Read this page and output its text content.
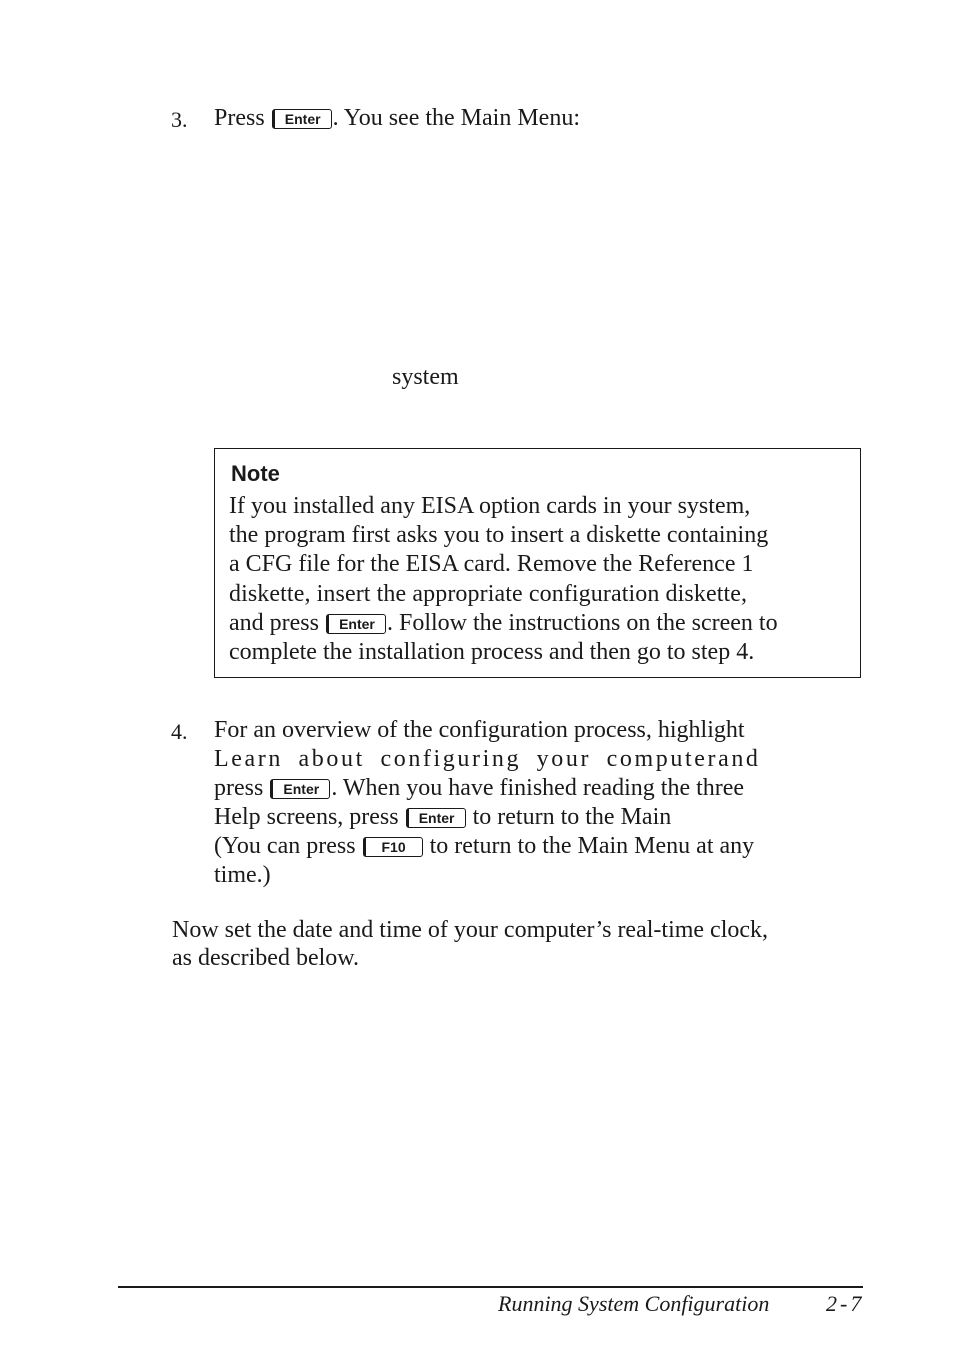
3. Press Enter . You see the Main Menu:
system
Note
If you installed any EISA option cards in your system,
the program first asks you to insert a diskette containing
a CFG file for the EISA card. Remove the Reference 1
diskette, insert the appropriate configuration diskette,
and press Enter . Follow the instructions on the screen to
complete the installation process and then go to step 4.
4. For an overview of the configuration process, highlight
Learn about configuring your computerand
press Enter . When you have finished reading the three
Help screens, press Enter to return to the Main
(You can press F10 to return to the Main Menu at any
time.)
Now set the date and time of your computer’s real-time clock,
as described below.
Running System Configuration	2-7
